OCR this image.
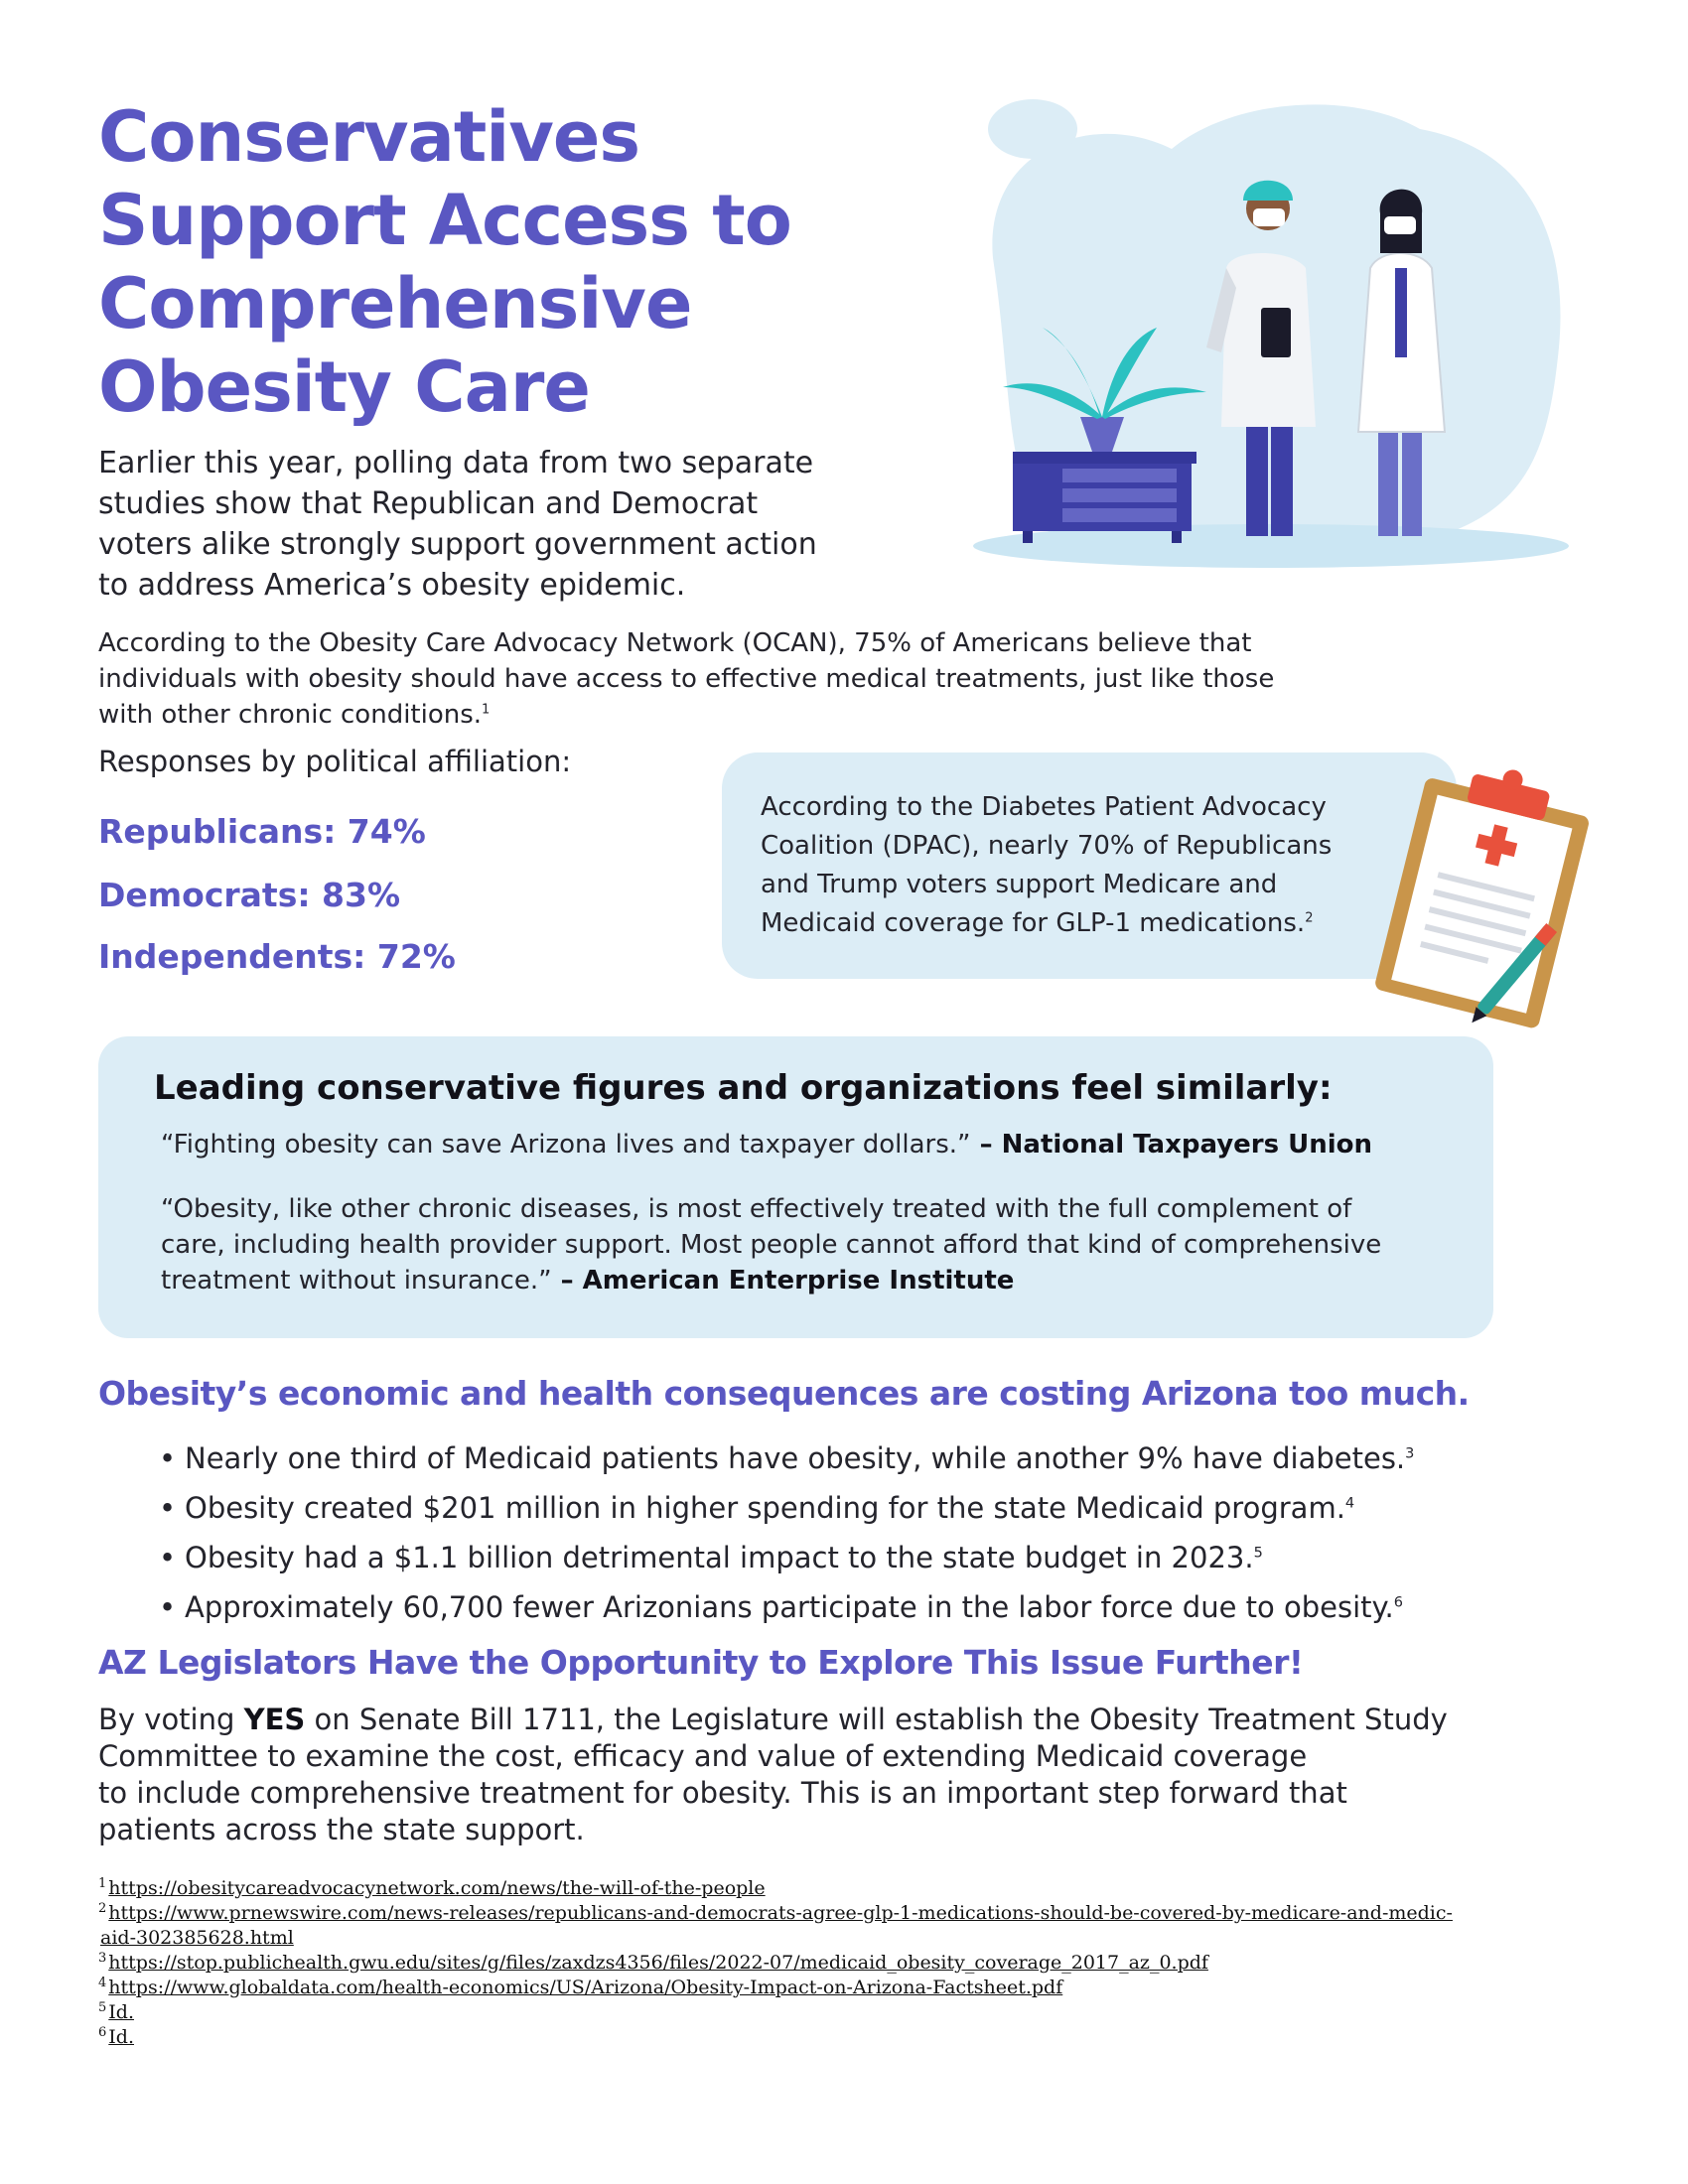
Conservatives
Support Access to
Comprehensive
Obesity Care
Earlier this year, polling data from two separate
studies show that Republican and Democrat
voters alike strongly support government action
to address America’s obesity epidemic.
According to the Obesity Care Advocacy Network (OCAN), 75% of Americans believe that
individuals with obesity should have access to effective medical treatments, just like those
with other chronic conditions.$^1$
Responses by political affiliation:
Republicans: 74%
Democrats: 83%
Independents: 72%
According to the Diabetes Patient Advocacy
Coalition (DPAC), nearly 70% of Republicans
and Trump voters support Medicare and
Medicaid coverage for GLP-1 medications.$^2$
Leading conservative figures and organizations feel similarly:
“Fighting obesity can save Arizona lives and taxpayer dollars.” – National Taxpayers Union
“Obesity, like other chronic diseases, is most effectively treated with the full complement of
care, including health provider support. Most people cannot afford that kind of comprehensive
treatment without insurance.” – American Enterprise Institute
Obesity’s economic and health consequences are costing Arizona too much.
• Nearly one third of Medicaid patients have obesity, while another 9% have diabetes.$^3$
• Obesity created $201 million in higher spending for the state Medicaid program.$^4$
• Obesity had a $1.1 billion detrimental impact to the state budget in 2023.$^5$
• Approximately 60,700 fewer Arizonians participate in the labor force due to obesity.$^6$
AZ Legislators Have the Opportunity to Explore This Issue Further!
By voting YES on Senate Bill 1711, the Legislature will establish the Obesity Treatment Study
Committee to examine the cost, efficacy and value of extending Medicaid coverage
to include comprehensive treatment for obesity. This is an important step forward that
patients across the state support.
$^1$ https://obesitycareadvocacynetwork.com/news/the-will-of-the-people
$^2$ https://www.prnewswire.com/news-releases/republicans-and-democrats-agree-glp-1-medications-should-be-covered-by-medicare-and-medic-
aid-302385628.html
$^3$ https://stop.publichealth.gwu.edu/sites/g/files/zaxdzs4356/files/2022-07/medicaid_obesity_coverage_2017_az_0.pdf
$^4$ https://www.globaldata.com/health-economics/US/Arizona/Obesity-Impact-on-Arizona-Factsheet.pdf
$^5$ Id.
$^6$ Id.
